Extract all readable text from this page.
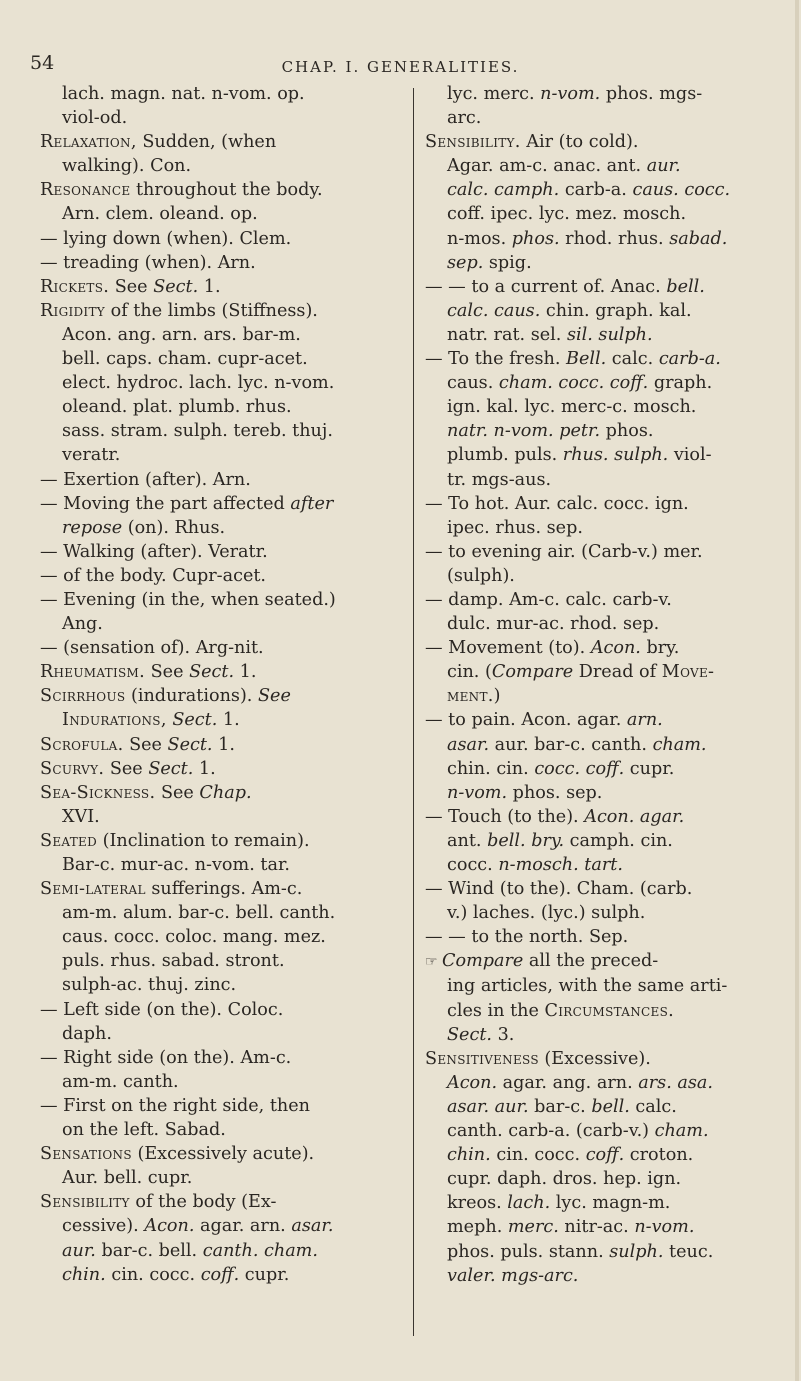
54	CHAP. I. GENERALITIES.
lach. magn. nat. n-vom. op.
viol-od.
Relaxation, Sudden, (when
walking). Con.
Resonance throughout the body.
Arn. clem. oleand. op.
— lying down (when). Clem.
— treading (when). Arn.
Rickets. See Sect. 1.
Rigidity of the limbs (Stiffness).
Acon. ang. arn. ars. bar-m.
bell. caps. cham. cupr-acet.
elect. hydroc. lach. lyc. n-vom.
oleand. plat. plumb. rhus.
sass. stram. sulph. tereb. thuj.
veratr.
— Exertion (after). Arn.
— Moving the part affected after
repose (on). Rhus.
— Walking (after). Veratr.
— of the body. Cupr-acet.
— Evening (in the, when seated.)
Ang.
— (sensation of). Arg-nit.
Rheumatism. See Sect. 1.
Scirrhous (indurations). See
Indurations, Sect. 1.
Scrofula. See Sect. 1.
Scurvy. See Sect. 1.
Sea-Sickness. See Chap.
XVI.
Seated (Inclination to remain).
Bar-c. mur-ac. n-vom. tar.
Semi-lateral sufferings. Am-c.
am-m. alum. bar-c. bell. canth.
caus. cocc. coloc. mang. mez.
puls. rhus. sabad. stront.
sulph-ac. thuj. zinc.
— Left side (on the). Coloc.
daph.
— Right side (on the). Am-c.
am-m. canth.
— First on the right side, then
on the left. Sabad.
Sensations (Excessively acute).
Aur. bell. cupr.
Sensibility of the body (Ex-
cessive). Acon. agar. arn. asar.
aur. bar-c. bell. canth. cham.
chin. cin. cocc. coff. cupr.
lyc. merc. n-vom. phos. mgs-
arc.
Sensibility. Air (to cold).
Agar. am-c. anac. ant. aur.
calc. camph. carb-a. caus. cocc.
coff. ipec. lyc. mez. mosch.
n-mos. phos. rhod. rhus. sabad.
sep. spig.
— — to a current of. Anac. bell.
calc. caus. chin. graph. kal.
natr. rat. sel. sil. sulph.
— To the fresh. Bell. calc. carb-a.
caus. cham. cocc. coff. graph.
ign. kal. lyc. merc-c. mosch.
natr. n-vom. petr. phos.
plumb. puls. rhus. sulph. viol-
tr. mgs-aus.
— To hot. Aur. calc. cocc. ign.
ipec. rhus. sep.
— to evening air. (Carb-v.) mer.
(sulph).
— damp. Am-c. calc. carb-v.
dulc. mur-ac. rhod. sep.
— Movement (to). Acon. bry.
cin. (Compare Dread of Move-
ment.)
— to pain. Acon. agar. arn.
asar. aur. bar-c. canth. cham.
chin. cin. cocc. coff. cupr.
n-vom. phos. sep.
— Touch (to the). Acon. agar.
ant. bell. bry. camph. cin.
cocc. n-mosch. tart.
— Wind (to the). Cham. (carb.
v.) laches. (lyc.) sulph.
— — to the north. Sep.
☞ Compare all the preced-
ing articles, with the same arti-
cles in the Circumstances.
Sect. 3.
Sensitiveness (Excessive).
Acon. agar. ang. arn. ars. asa.
asar. aur. bar-c. bell. calc.
canth. carb-a. (carb-v.) cham.
chin. cin. cocc. coff. croton.
cupr. daph. dros. hep. ign.
kreos. lach. lyc. magn-m.
meph. merc. nitr-ac. n-vom.
phos. puls. stann. sulph. teuc.
valer. mgs-arc.
